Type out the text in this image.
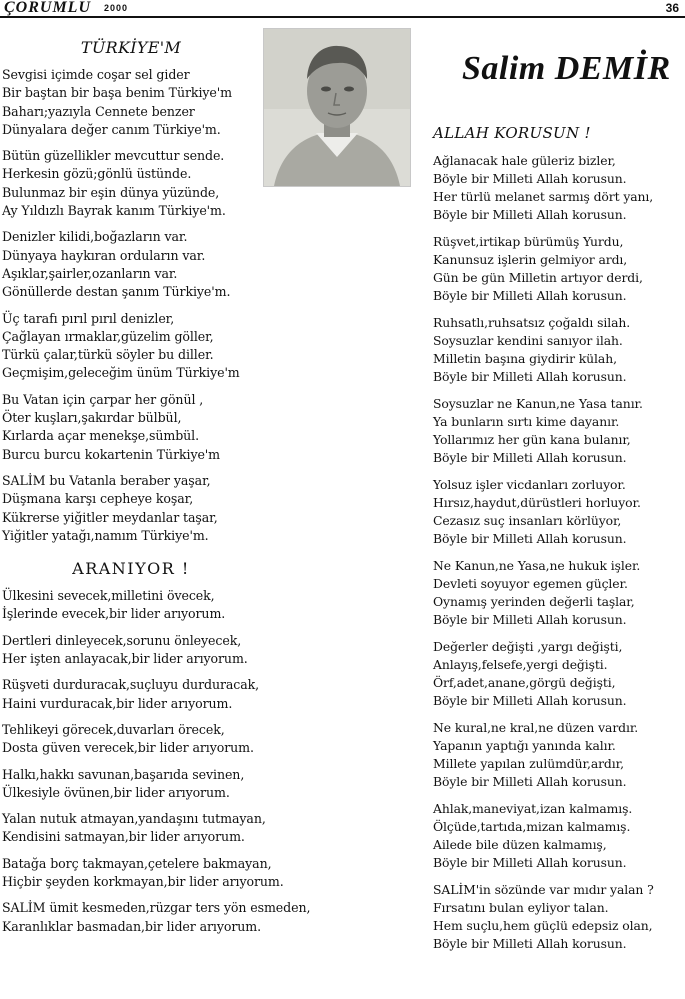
ÇORUMLU 2000	36
TÜRKİYE'M
Sevgisi içimde coşar sel gider
Bir baştan bir başa benim Türkiye'm
Baharı;yazıyla Cennete benzer
Dünyalara değer canım Türkiye'm.
Bütün güzellikler mevcuttur sende.
Herkesin gözü;gönlü üstünde.
Bulunmaz bir eşin dünya yüzünde,
Ay Yıldızlı Bayrak kanım Türkiye'm.
Denizler kilidi,boğazların var.
Dünyaya haykıran orduların var.
Aşıklar,şairler,ozanların var.
Gönüllerde destan şanım Türkiye'm.
Üç tarafı pırıl pırıl denizler,
Çağlayan ırmaklar,güzelim göller,
Türkü çalar,türkü söyler bu diller.
Geçmişim,geleceğim ünüm Türkiye'm
Bu Vatan için çarpar her gönül ,
Öter kuşları,şakırdar bülbül,
Kırlarda açar menekşe,sümbül.
Burcu burcu kokartenin Türkiye'm
SALİM bu Vatanla beraber yaşar,
Düşmana karşı cepheye koşar,
Kükrerse yiğitler meydanlar taşar,
Yiğitler yatağı,namım Türkiye'm.
ARANIYOR !
Ülkesini sevecek,milletini övecek,
İşlerinde evecek,bir lider arıyorum.
Dertleri dinleyecek,sorunu önleyecek,
Her işten anlayacak,bir lider arıyorum.
Rüşveti durduracak,suçluyu durduracak,
Haini vurduracak,bir lider arıyorum.
Tehlikeyi görecek,duvarları örecek,
Dosta güven verecek,bir lider arıyorum.
Halkı,hakkı savunan,başarıda sevinen,
Ülkesiyle övünen,bir lider arıyorum.
Yalan nutuk atmayan,yandaşını tutmayan,
Kendisini satmayan,bir lider arıyorum.
Batağa borç takmayan,çetelere bakmayan,
Hiçbir şeyden korkmayan,bir lider arıyorum.
SALİM ümit kesmeden,rüzgar ters yön esmeden,
Karanlıklar basmadan,bir lider arıyorum.
Salim DEMİR
ALLAH KORUSUN !
Ağlanacak hale güleriz bizler,
Böyle bir Milleti Allah korusun.
Her türlü melanet sarmış dört yanı,
Böyle bir Milleti Allah korusun.
Rüşvet,irtikap bürümüş Yurdu,
Kanunsuz işlerin gelmiyor ardı,
Gün be gün Milletin artıyor derdi,
Böyle bir Milleti Allah korusun.
Ruhsatlı,ruhsatsız çoğaldı silah.
Soysuzlar kendini sanıyor ilah.
Milletin başına giydirir külah,
Böyle bir Milleti Allah korusun.
Soysuzlar ne Kanun,ne Yasa tanır.
Ya bunların sırtı kime dayanır.
Yollarımız her gün kana bulanır,
Böyle bir Milleti Allah korusun.
Yolsuz işler vicdanları zorluyor.
Hırsız,haydut,dürüstleri horluyor.
Cezasız suç insanları körlüyor,
Böyle bir Milleti Allah korusun.
Ne Kanun,ne Yasa,ne hukuk işler.
Devleti soyuyor egemen güçler.
Oynamış yerinden değerli taşlar,
Böyle bir Milleti Allah korusun.
Değerler değişti ,yargı değişti,
Anlayış,felsefe,yergi değişti.
Örf,adet,anane,görgü değişti,
Böyle bir Milleti Allah korusun.
Ne kural,ne kral,ne düzen vardır.
Yapanın yaptığı yanında kalır.
Millete yapılan zulümdür,ardır,
Böyle bir Milleti Allah korusun.
Ahlak,maneviyat,izan kalmamış.
Ölçüde,tartıda,mizan kalmamış.
Ailede bile düzen kalmamış,
Böyle bir Milleti Allah korusun.
SALİM'in sözünde var mıdır yalan ?
Fırsatını bulan eyliyor talan.
Hem suçlu,hem güçlü edepsiz olan,
Böyle bir Milleti Allah korusun.
